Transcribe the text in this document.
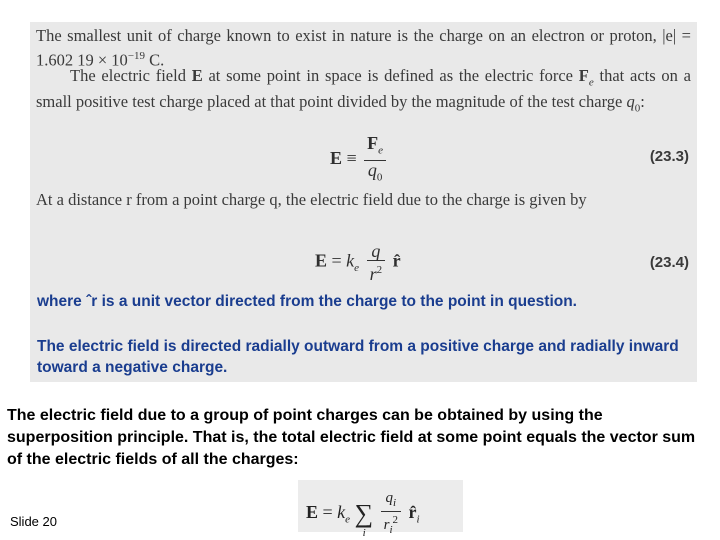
The smallest unit of charge known to exist in nature is the charge on an electron or proton, |e| = 1.602 $19 \times 10^{-19}$ C.
The electric field E at some point in space is defined as the electric force $F_e$ that acts on a small positive test charge placed at that point divided by the magnitude of the test charge $q_0$:
$E \equiv \frac{F_e}{q_0}$	(23.3)
At a distance r from a point charge q, the electric field due to the charge is given by
$E = k_e \frac{q}{r^2}$ r̂	(23.4)
where ˆr is a unit vector directed from the charge to the point in question.
The electric field is directed radially outward from a positive charge and radially inward toward a negative charge.
The electric field due to a group of point charges can be obtained by using the superposition principle. That is, the total electric field at some point equals the vector sum of the electric fields of all the charges:
$E = k_e$ ∑
i
$\frac{q_i}{r_i^2}$ $r̂_i$
Slide 20
